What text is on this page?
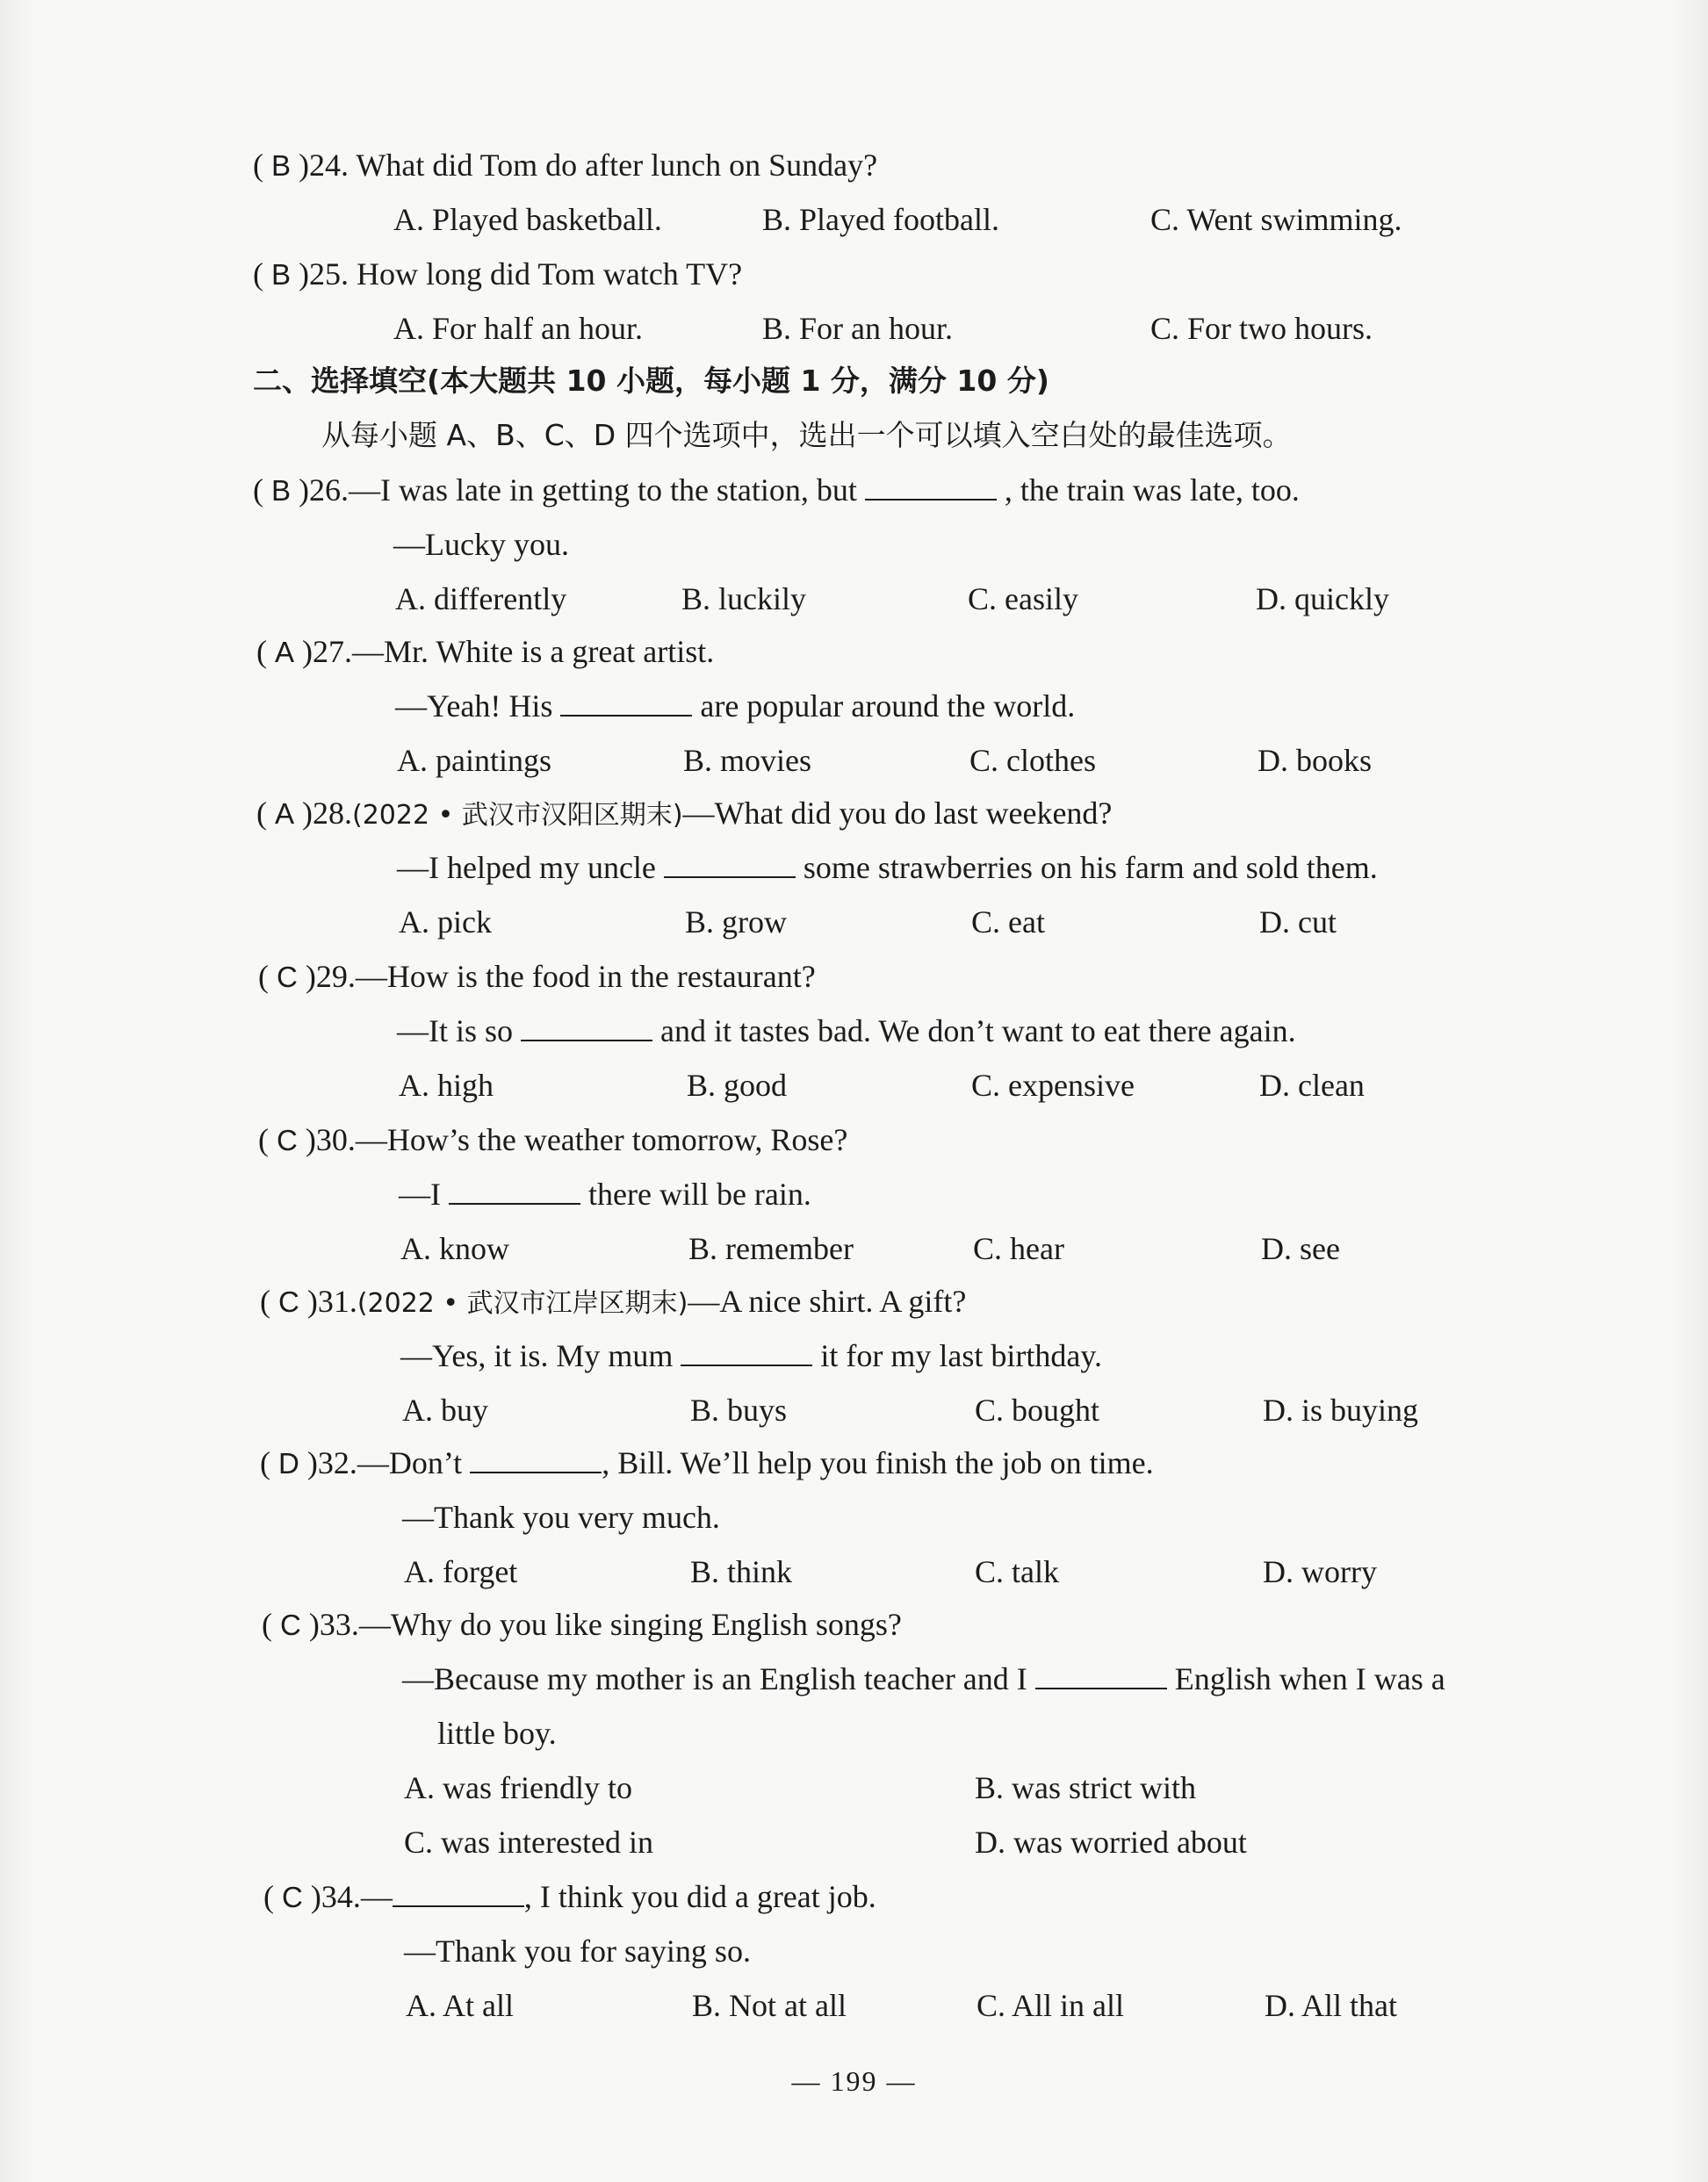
( B )24. What did Tom do after lunch on Sunday?
A. Played basketball.	B. Played football.	C. Went swimming.
( B )25. How long did Tom watch TV?
A. For half an hour.	B. For an hour.	C. For two hours.
二、选择填空(本大题共 10 小题，每小题 1 分，满分 10 分)
从每小题 A、B、C、D 四个选项中，选出一个可以填入空白处的最佳选项。
( B )26.—I was late in getting to the station, but	, the train was late, too.
—Lucky you.
A. differently	B. luckily	C. easily	D. quickly
( A )27.—Mr. White is a great artist.
—Yeah! His	are popular around the world.
A. paintings	B. movies	C. clothes	D. books
( A )28.(2022 • 武汉市汉阳区期末)—What did you do last weekend?
—I helped my uncle	some strawberries on his farm and sold them.
A. pick	B. grow	C. eat	D. cut
( C )29.—How is the food in the restaurant?
—It is so	and it tastes bad. We don’t want to eat there again.
A. high	B. good	C. expensive	D. clean
( C )30.—How’s the weather tomorrow, Rose?
—I	there will be rain.
A. know	B. remember	C. hear	D. see
( C )31.(2022 • 武汉市江岸区期末)—A nice shirt. A gift?
—Yes, it is. My mum	it for my last birthday.
A. buy	B. buys	C. bought	D. is buying
( D )32.—Don’t	, Bill. We’ll help you finish the job on time.
—Thank you very much.
A. forget	B. think	C. talk	D. worry
( C )33.—Why do you like singing English songs?
—Because my mother is an English teacher and I	English when I was a
little boy.
A. was friendly to	B. was strict with
C. was interested in	D. was worried about
( C )34.—	, I think you did a great job.
—Thank you for saying so.
A. At all	B. Not at all	C. All in all	D. All that
— 199 —
